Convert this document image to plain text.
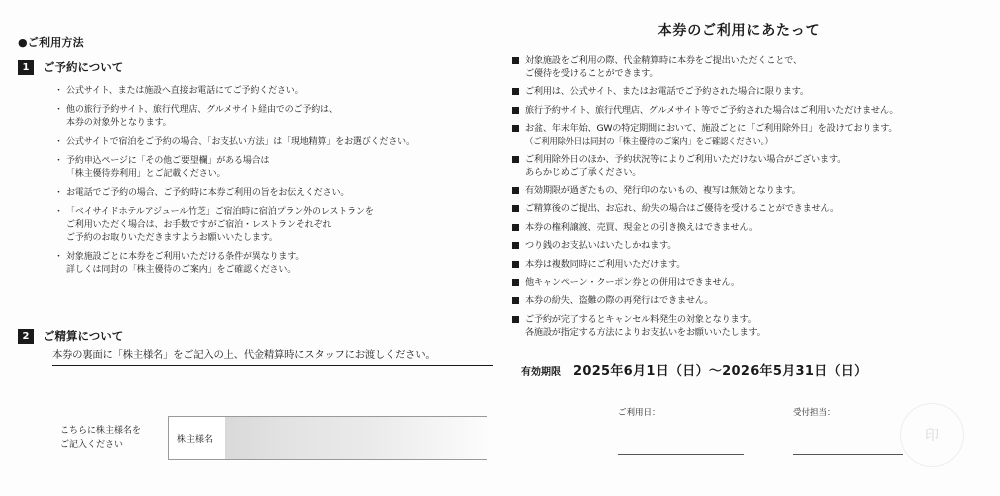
●ご利用方法
1	ご予約について
・ 公式サイト、または施設へ直接お電話にてご予約ください。
・ 他の旅行予約サイト、旅行代理店、グルメサイト経由でのご予約は、
本券の対象外となります。
・ 公式サイトで宿泊をご予約の場合、「お支払い方法」は「現地精算」をお選びください。
・ 予約申込ページに「その他ご要望欄」がある場合は
「株主優待券利用」とご記載ください。
・ お電話でご予約の場合、ご予約時に本券ご利用の旨をお伝えください。
・ 「ベイサイドホテルアジュール竹芝」ご宿泊時に宿泊プラン外のレストランを
ご利用いただく場合は、お手数ですがご宿泊・レストランそれぞれ
ご予約のお取りいただきますようお願いいたします。
・ 対象施設ごとに本券をご利用いただける条件が異なります。
詳しくは同封の「株主優待のご案内」をご確認ください。
2	ご精算について
本券の裏面に「株主様名」をご記入の上、代金精算時にスタッフにお渡しください。
こちらに株主様名を
ご記入ください
株主様名
本券のご利用にあたって
対象施設をご利用の際、代金精算時に本券をご提出いただくことで、
ご優待を受けることができます。
ご利用は、公式サイト、またはお電話でご予約された場合に限ります。
旅行予約サイト、旅行代理店、グルメサイト等でご予約された場合はご利用いただけません。
お盆、年末年始、GWの特定期間において、施設ごとに「ご利用除外日」を設けております。
（ご利用除外日は同封の「株主優待のご案内」をご確認ください。）
ご利用除外日のほか、予約状況等によりご利用いただけない場合がございます。
あらかじめご了承ください。
有効期限が過ぎたもの、発行印のないもの、複写は無効となります。
ご精算後のご提出、お忘れ、紛失の場合はご優待を受けることができません。
本券の権利譲渡、売買、現金との引き換えはできません。
つり銭のお支払いはいたしかねます。
本券は複数同時にご利用いただけます。
他キャンペーン・クーポン券との併用はできません。
本券の紛失、盗難の際の再発行はできません。
ご予約が完了するとキャンセル料発生の対象となります。
各施設が指定する方法によりお支払いをお願いいたします。
有効期限 2025年6月1日（日）～2026年5月31日（日）
ご利用日：	受付担当：
印
